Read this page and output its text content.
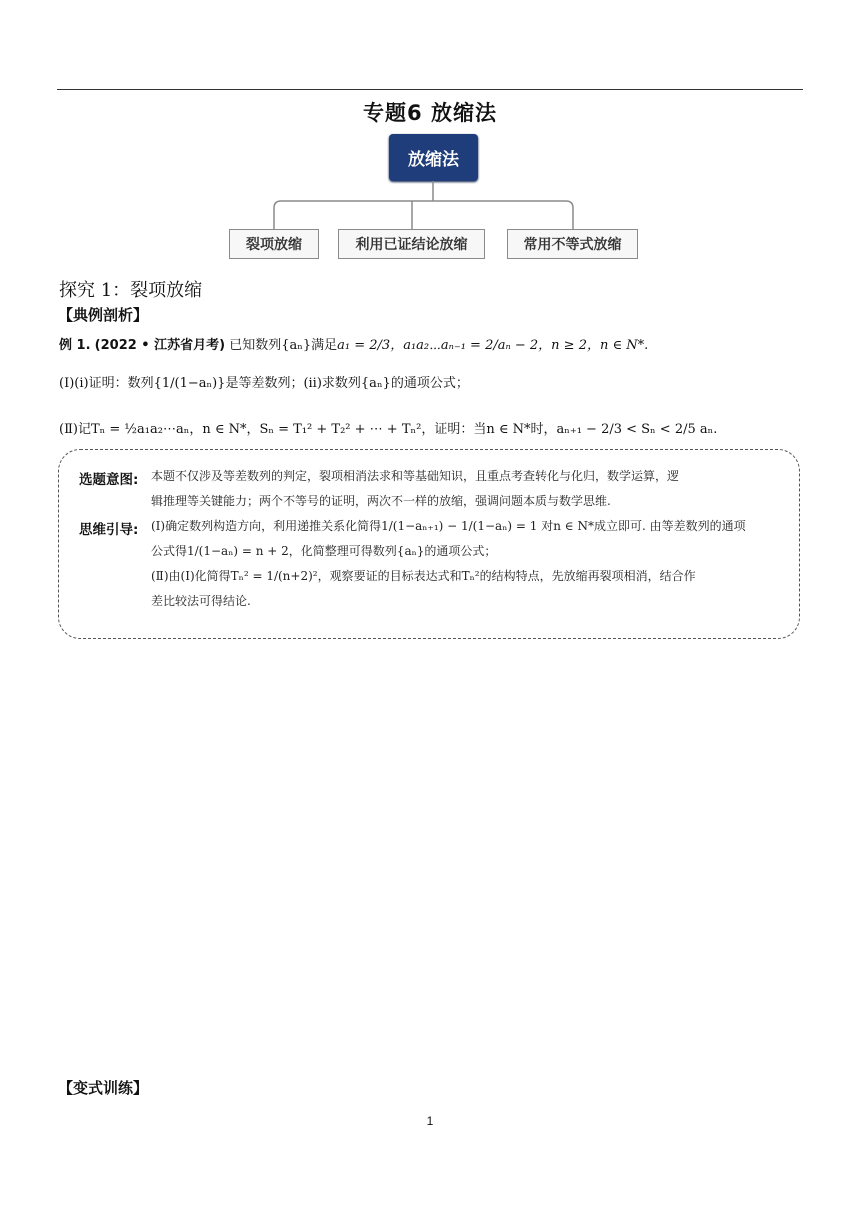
专题6 放缩法
放缩法
裂项放缩	利用已证结论放缩	常用不等式放缩
探究 1：裂项放缩
【典例剖析】
例 1. (2022 • 江苏省月考) 已知数列{aₙ}满足a₁ = 2/3，a₁a₂⋯aₙ₋₁ = 2/aₙ − 2，n ≥ 2，n ∈ N*.
(Ⅰ)(i)证明：数列{1/(1−aₙ)}是等差数列；(ii)求数列{aₙ}的通项公式；
(Ⅱ)记Tₙ = ½a₁a₂⋯aₙ，n ∈ N*，Sₙ = T₁² + T₂² + ⋯ + Tₙ²，证明：当n ∈ N*时，aₙ₊₁ − 2/3 < Sₙ < 2/5 aₙ.
选题意图: 本题不仅涉及等差数列的判定，裂项相消法求和等基础知识，且重点考查转化与化归，数学运算，逻
辑推理等关键能力；两个不等号的证明，两次不一样的放缩，强调问题本质与数学思维.
思维引导: (Ⅰ)确定数列构造方向，利用递推关系化简得1/(1−aₙ₊₁) − 1/(1−aₙ) = 1 对n ∈ N*成立即可. 由等差数列的通项
公式得1/(1−aₙ) = n + 2，化简整理可得数列{aₙ}的通项公式；
(Ⅱ)由(Ⅰ)化简得Tₙ² = 1/(n+2)²，观察要证的目标表达式和Tₙ²的结构特点，先放缩再裂项相消，结合作
差比较法可得结论.
【变式训练】
1
